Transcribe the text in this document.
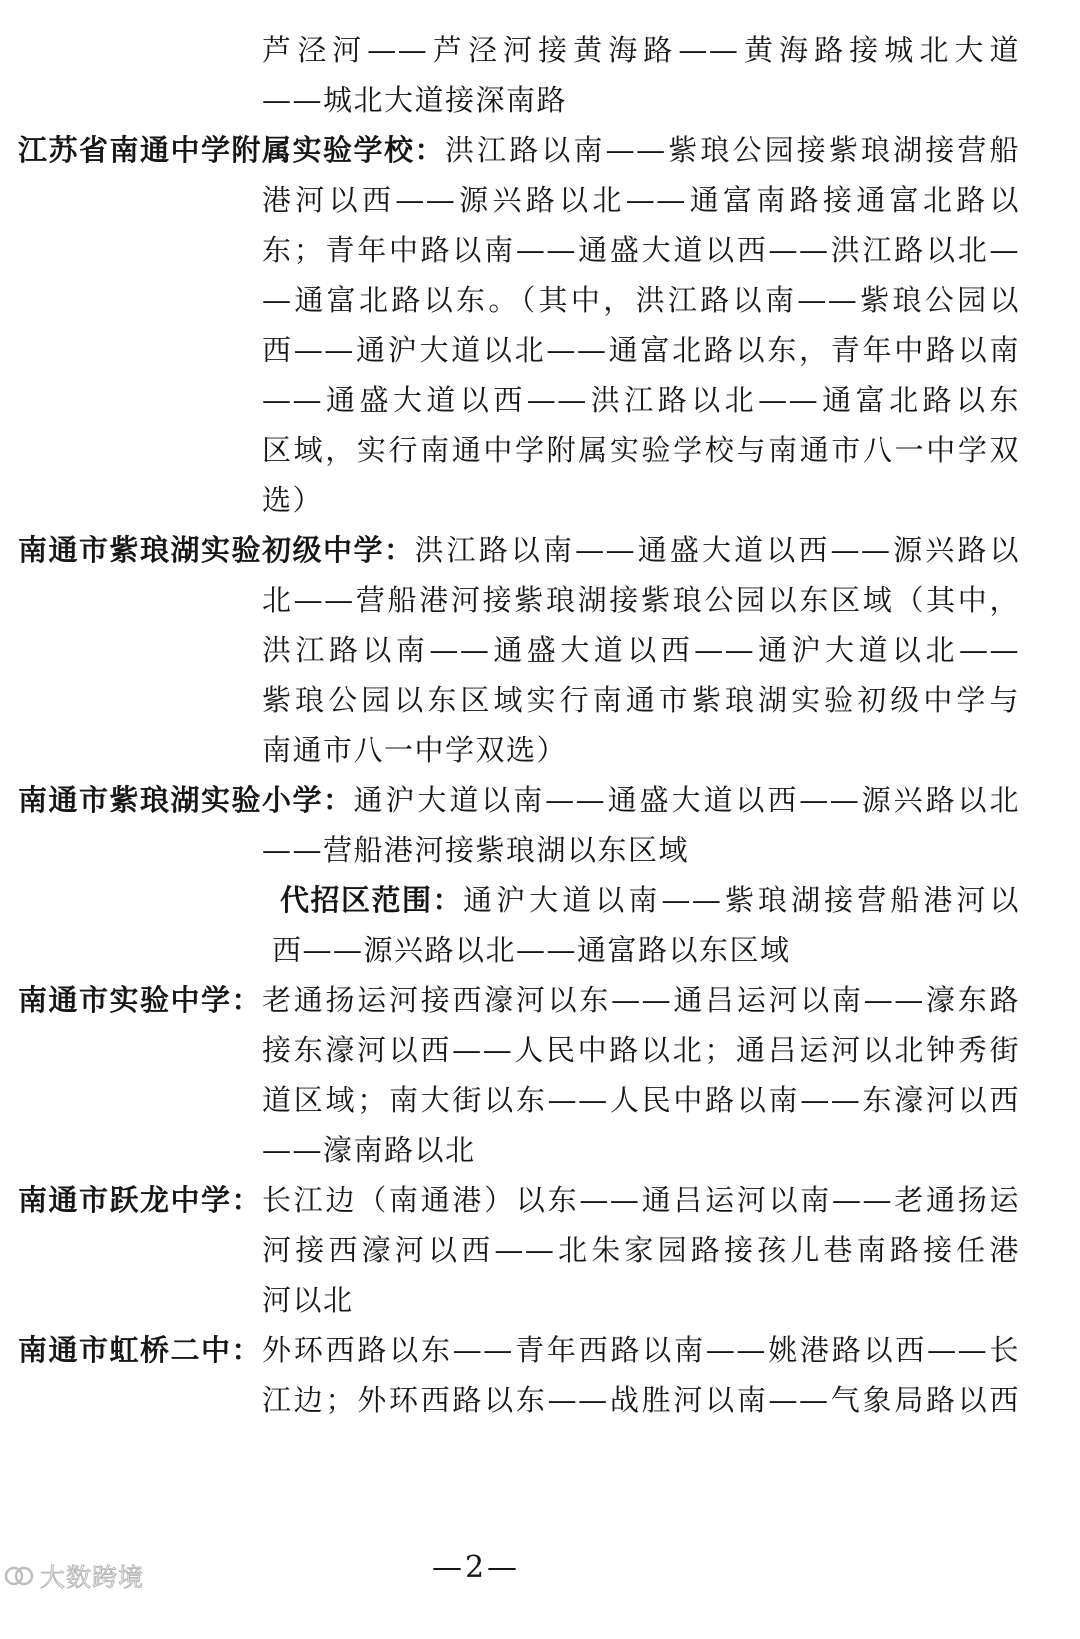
芦泾河——芦泾河接黄海路——黄海路接城北大道
——城北大道接深南路
江苏省南通中学附属实验学校： 洪江路以南——紫琅公园接紫琅湖接营船
港河以西——源兴路以北——通富南路接通富北路以
东；青年中路以南——通盛大道以西——洪江路以北—
—通富北路以东。（其中，洪江路以南——紫琅公园以
西——通沪大道以北——通富北路以东，青年中路以南
——通盛大道以西——洪江路以北——通富北路以东
区域，实行南通中学附属实验学校与南通市八一中学双
选）
南通市紫琅湖实验初级中学： 洪江路以南——通盛大道以西——源兴路以
北——营船港河接紫琅湖接紫琅公园以东区域（其中，
洪江路以南——通盛大道以西——通沪大道以北——
紫琅公园以东区域实行南通市紫琅湖实验初级中学与
南通市八一中学双选）
南通市紫琅湖实验小学： 通沪大道以南——通盛大道以西——源兴路以北
——营船港河接紫琅湖以东区域
代招区范围： 通沪大道以南——紫琅湖接营船港河以
西——源兴路以北——通富路以东区域
南通市实验中学： 老通扬运河接西濠河以东——通吕运河以南——濠东路
接东濠河以西——人民中路以北；通吕运河以北钟秀街
道区域；南大街以东——人民中路以南——东濠河以西
——濠南路以北
南通市跃龙中学： 长江边（南通港）以东——通吕运河以南——老通扬运
河接西濠河以西——北朱家园路接孩儿巷南路接任港
河以北
南通市虹桥二中： 外环西路以东——青年西路以南——姚港路以西——长
江边；外环西路以东——战胜河以南——气象局路以西
—2—
大数跨境
